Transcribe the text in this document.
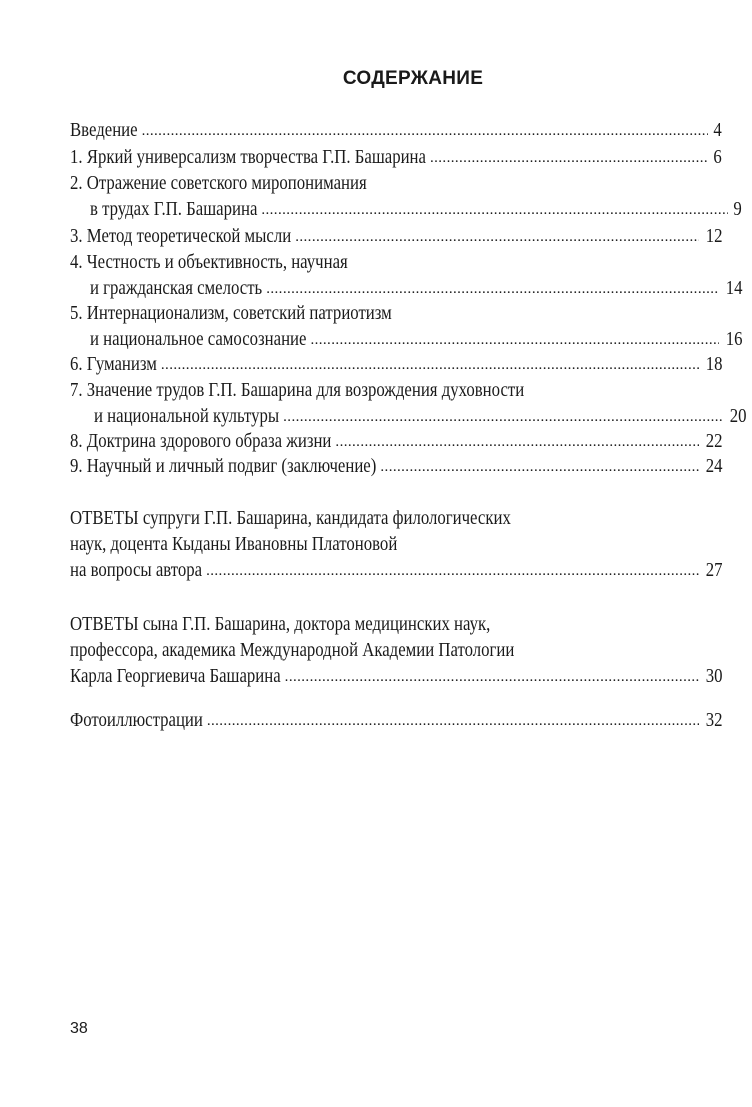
СОДЕРЖАНИЕ
Введение .....	4
1. Яркий универсализм творчества Г.П. Башарина .....	6
2. Отражение советского миропонимания
в трудах Г.П. Башарина .....	9
3. Метод теоретической мысли .....	12
4. Честность и объективность, научная
и гражданская смелость .....	14
5. Интернационализм, советский патриотизм
и национальное самосознание .....	16
6. Гуманизм .....	18
7. Значение трудов Г.П. Башарина для возрождения духовности
и национальной культуры .....	20
8. Доктрина здорового образа жизни .....	22
9. Научный и личный подвиг (заключение) .....	24
ОТВЕТЫ супруги Г.П. Башарина, кандидата филологических
наук, доцента Кыданы Ивановны Платоновой
на вопросы автора .....	27
ОТВЕТЫ сына Г.П. Башарина, доктора медицинских наук,
профессора, академика Международной Академии Патологии
Карла Георгиевича Башарина .....	30
Фотоиллюстрации .....	32
38
